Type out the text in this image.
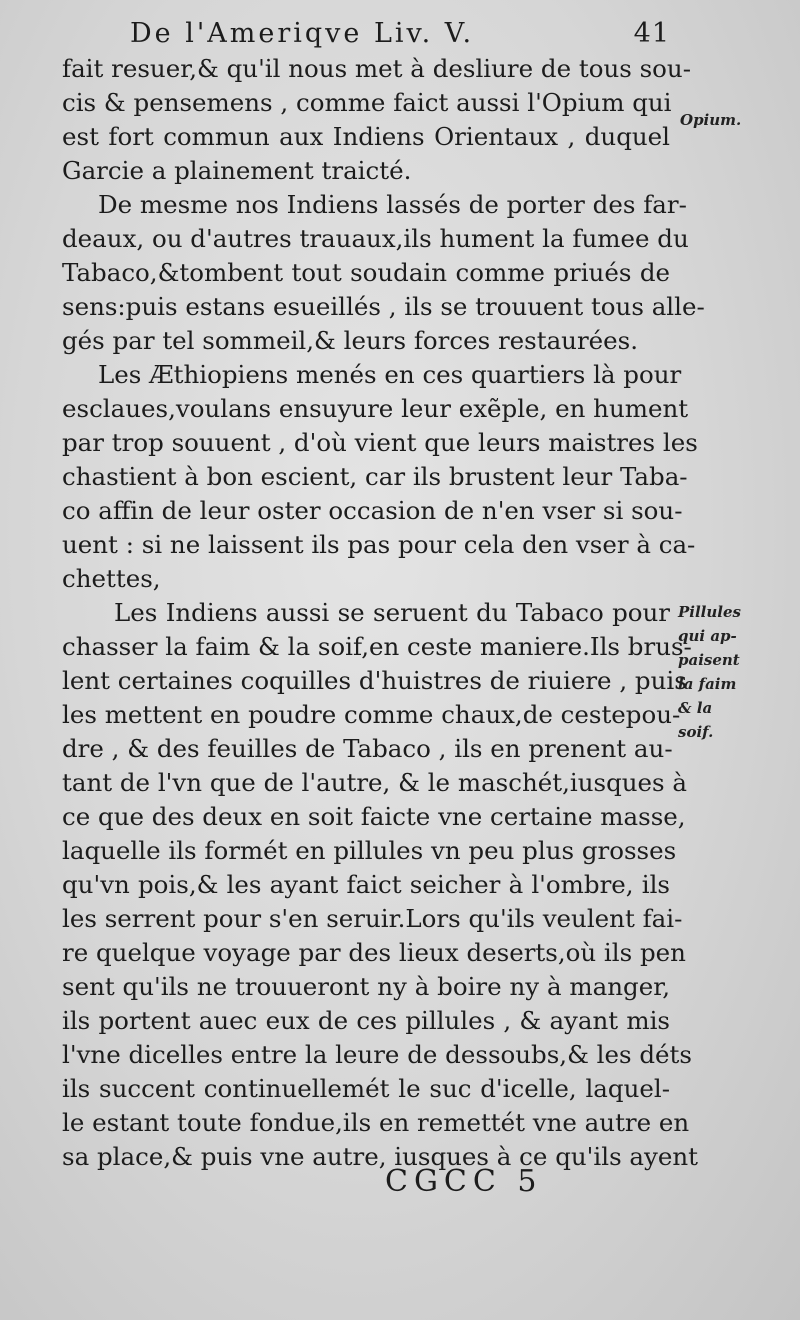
De l'Ameriqve Liv. V.	41
fait resuer,& qu'il nous met à desliure de tous sou-
cis & pensemens , comme faict aussi l'Opium qui
est fort commun aux Indiens Orientaux , duquel
Garcie a plainement traicté.
De mesme nos Indiens lassés de porter des far-
deaux, ou d'autres trauaux,ils hument la fumee du
Tabaco,&tombent tout soudain comme priués de
sens:puis estans esueillés , ils se trouuent tous alle-
gés par tel sommeil,& leurs forces restaurées.
Les Æthiopiens menés en ces quartiers là pour
esclaues,voulans ensuyure leur exẽple, en hument
par trop souuent , d'où vient que leurs maistres les
chastient à bon escient, car ils brustent leur Taba-
co affin de leur oster occasion de n'en vser si sou-
uent : si ne laissent ils pas pour cela den vser à ca-
chettes,
Les Indiens aussi se seruent du Tabaco pour
chasser la faim & la soif,en ceste maniere.Ils brus-
lent certaines coquilles d'huistres de riuiere , puis
les mettent en poudre comme chaux,de cestepou-
dre , & des feuilles de Tabaco , ils en prenent au-
tant de l'vn que de l'autre, & le maschét,iusques à
ce que des deux en soit faicte vne certaine masse,
laquelle ils formét en pillules vn peu plus grosses
qu'vn pois,& les ayant faict seicher à l'ombre, ils
les serrent pour s'en seruir.Lors qu'ils veulent fai-
re quelque voyage par des lieux deserts,où ils pen
sent qu'ils ne trouueront ny à boire ny à manger,
ils portent auec eux de ces pillules , & ayant mis
l'vne dicelles entre la leure de dessoubs,& les déts
ils succent continuellemét le suc d'icelle, laquel-
le estant toute fondue,ils en remettét vne autre en
sa place,& puis vne autre, iusques à ce qu'ils ayent
Opium.
Pillules
qui ap-
paisent
la faim
& la
soif.
CGCC 5
